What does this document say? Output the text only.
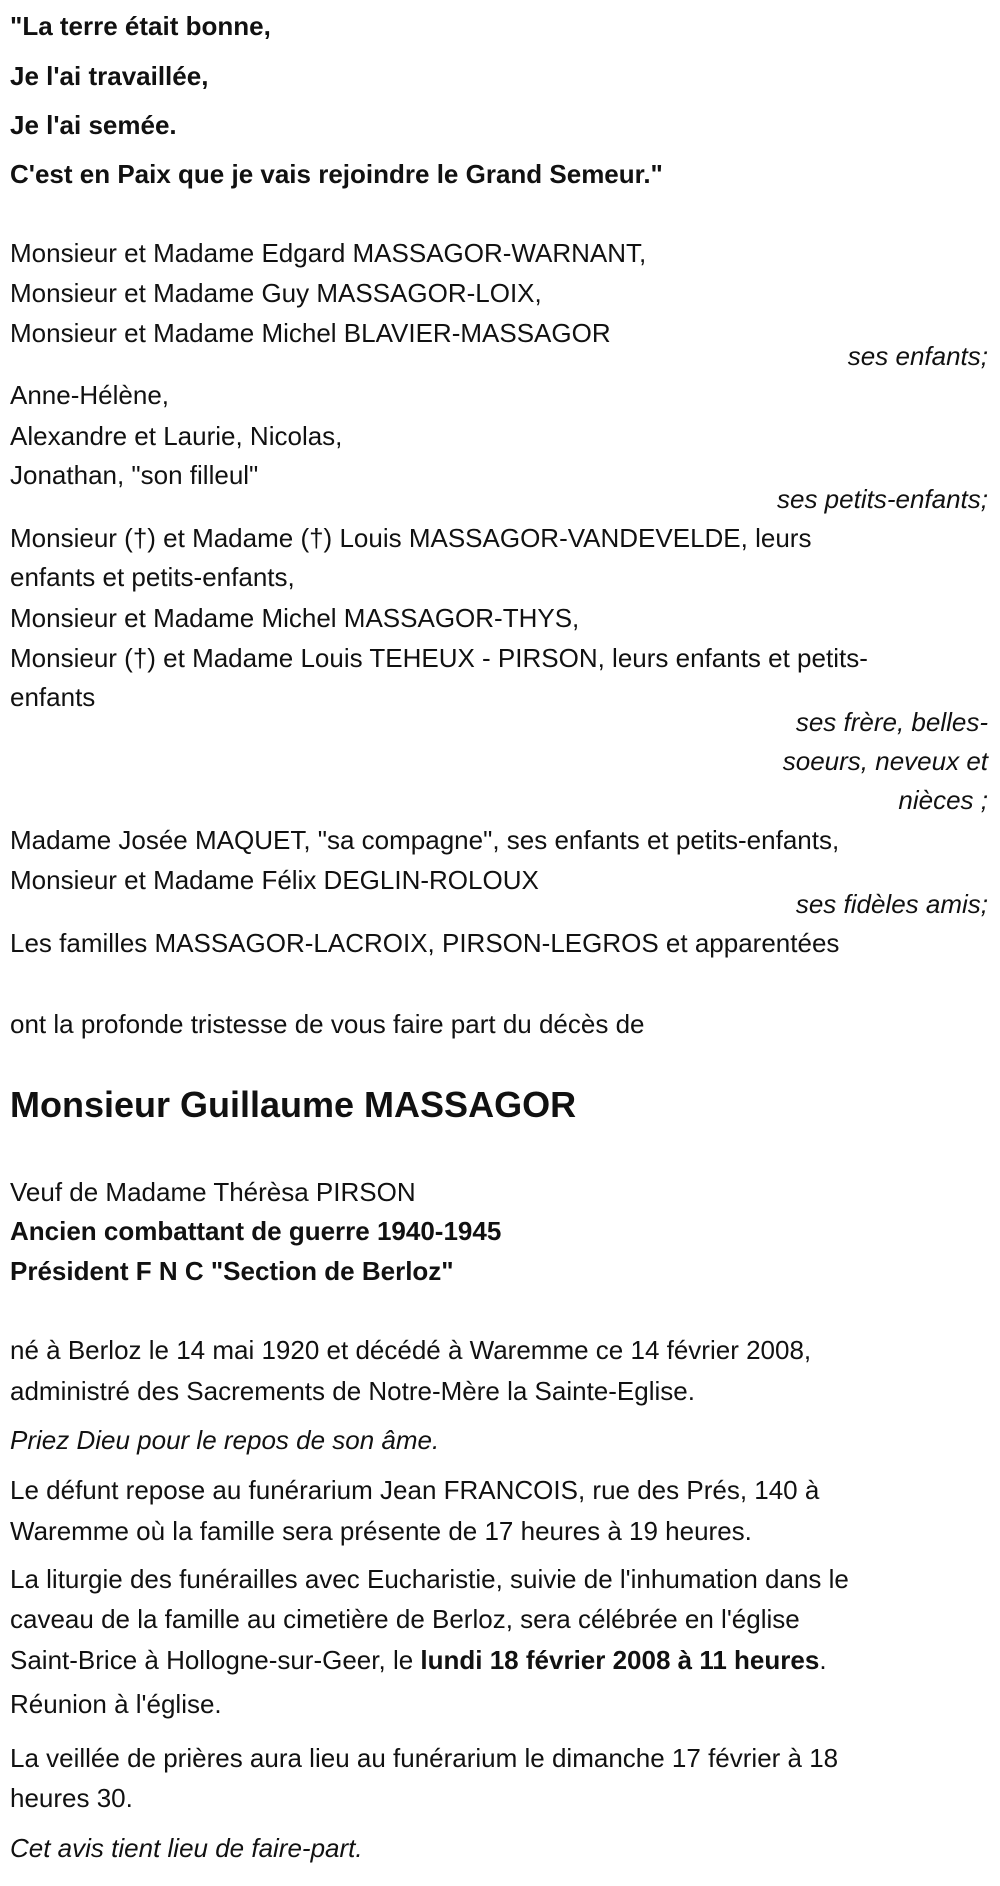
"La terre était bonne,
Je l'ai travaillée,
Je l'ai semée.
C'est en Paix que je vais rejoindre le Grand Semeur."
Monsieur et Madame Edgard MASSAGOR-WARNANT,
Monsieur et Madame Guy MASSAGOR-LOIX,
Monsieur et Madame Michel BLAVIER-MASSAGOR
ses enfants;
Anne-Hélène,
Alexandre et Laurie, Nicolas,
Jonathan, "son filleul"
ses petits-enfants;
Monsieur (†) et Madame (†) Louis MASSAGOR-VANDEVELDE, leurs
enfants et petits-enfants,
Monsieur et Madame Michel MASSAGOR-THYS,
Monsieur (†) et Madame Louis TEHEUX - PIRSON, leurs enfants et petits-
enfants
ses frère, belles-
soeurs, neveux et
nièces ;
Madame Josée MAQUET, "sa compagne", ses enfants et petits-enfants,
Monsieur et Madame Félix DEGLIN-ROLOUX
ses fidèles amis;
Les familles MASSAGOR-LACROIX, PIRSON-LEGROS et apparentées
ont la profonde tristesse de vous faire part du décès de
Monsieur Guillaume MASSAGOR
Veuf de Madame Thérèsa PIRSON
Ancien combattant de guerre 1940-1945
Président F N C "Section de Berloz"
né à Berloz le 14 mai 1920 et décédé à Waremme ce 14 février 2008,
administré des Sacrements de Notre-Mère la Sainte-Eglise.
Priez Dieu pour le repos de son âme.
Le défunt repose au funérarium Jean FRANCOIS, rue des Prés, 140 à
Waremme où la famille sera présente de 17 heures à 19 heures.
La liturgie des funérailles avec Eucharistie, suivie de l'inhumation dans le
caveau de la famille au cimetière de Berloz, sera célébrée en l'église
Saint-Brice à Hollogne-sur-Geer, le lundi 18 février 2008 à 11 heures.
Réunion à l'église.
La veillée de prières aura lieu au funérarium le dimanche 17 février à 18
heures 30.
Cet avis tient lieu de faire-part.
